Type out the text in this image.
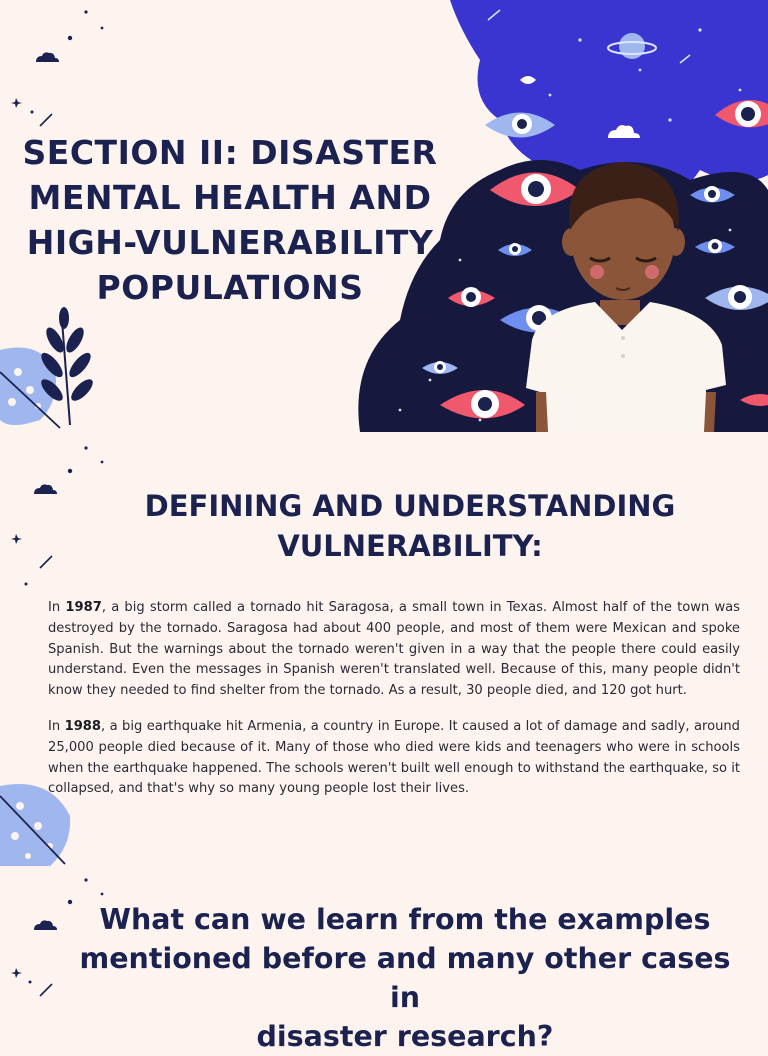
SECTION II: DISASTER
MENTAL HEALTH AND
HIGH-VULNERABILITY
POPULATIONS
DEFINING AND UNDERSTANDING
VULNERABILITY:

In 1987, a big storm called a tornado hit Saragosa, a small town in Texas. Almost half of the town was destroyed by the tornado. Saragosa had about 400 people, and most of them were Mexican and spoke Spanish. But the warnings about the tornado weren't given in a way that the people there could easily understand. Even the messages in Spanish weren't translated well. Because of this, many people didn't know they needed to find shelter from the tornado. As a result, 30 people died, and 120 got hurt.

In 1988, a big earthquake hit Armenia, a country in Europe. It caused a lot of damage and sadly, around 25,000 people died because of it. Many of those who died were kids and teenagers who were in schools when the earthquake happened. The schools weren't built well enough to withstand the earthquake, so it collapsed, and that's why so many young people lost their lives.

What can we learn from the examples
mentioned before and many other cases in
disaster research?
